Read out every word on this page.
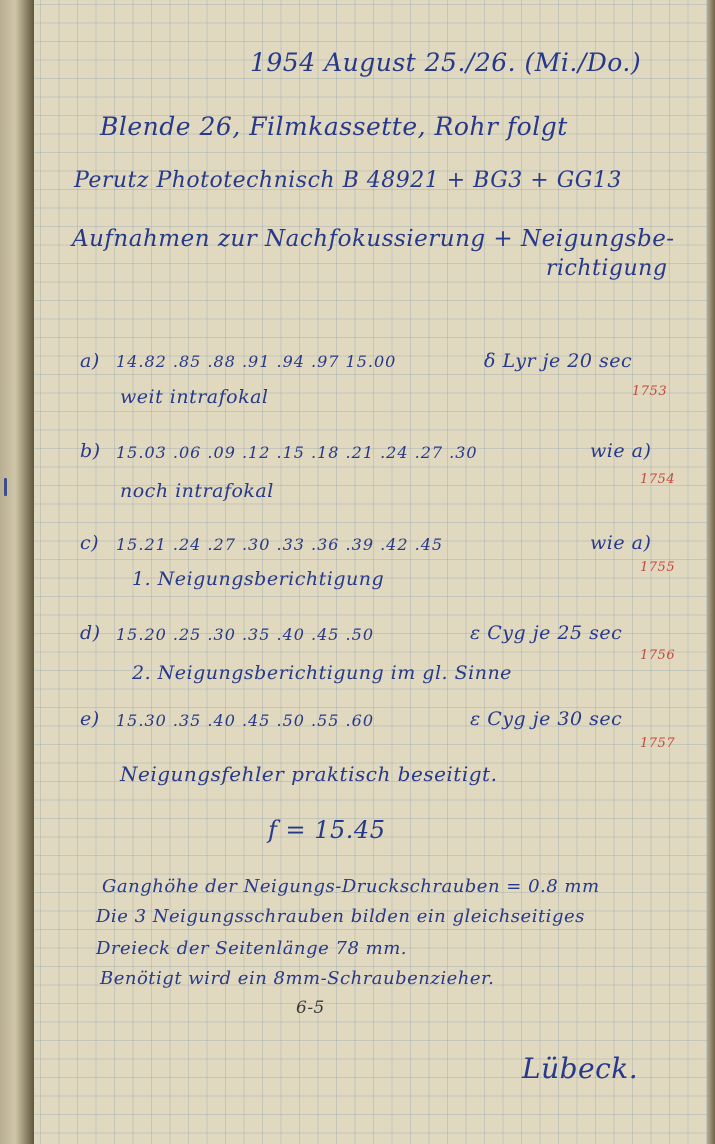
1954 August 25./26. (Mi./Do.)
Blende 26, Filmkassette, Rohr folgt
Perutz Phototechnisch B 48921 + BG3 + GG13
Aufnahmen zur Nachfokussierung + Neigungsbe-
richtigung
a) 14.82 .85 .88 .91 .94 .97 15.00	δ Lyr je 20 sec
weit intrafokal	1753
b) 15.03 .06 .09 .12 .15 .18 .21 .24 .27 .30	wie a)
noch intrafokal
1754
c) 15.21 .24 .27 .30 .33 .36 .39 .42 .45	wie a)
1. Neigungsberichtigung
1755
d) 15.20 .25 .30 .35 .40 .45 .50	ε Cyg je 25 sec
2. Neigungsberichtigung im gl. Sinne
1756
e) 15.30 .35 .40 .45 .50 .55 .60	ε Cyg je 30 sec
1757
Neigungsfehler praktisch beseitigt.
f = 15.45
Ganghöhe der Neigungs-Druckschrauben = 0.8 mm
Die 3 Neigungsschrauben bilden ein gleichseitiges
Dreieck der Seitenlänge 78 mm.
Benötigt wird ein 8mm-Schraubenzieher.
6-5
Lübeck.
